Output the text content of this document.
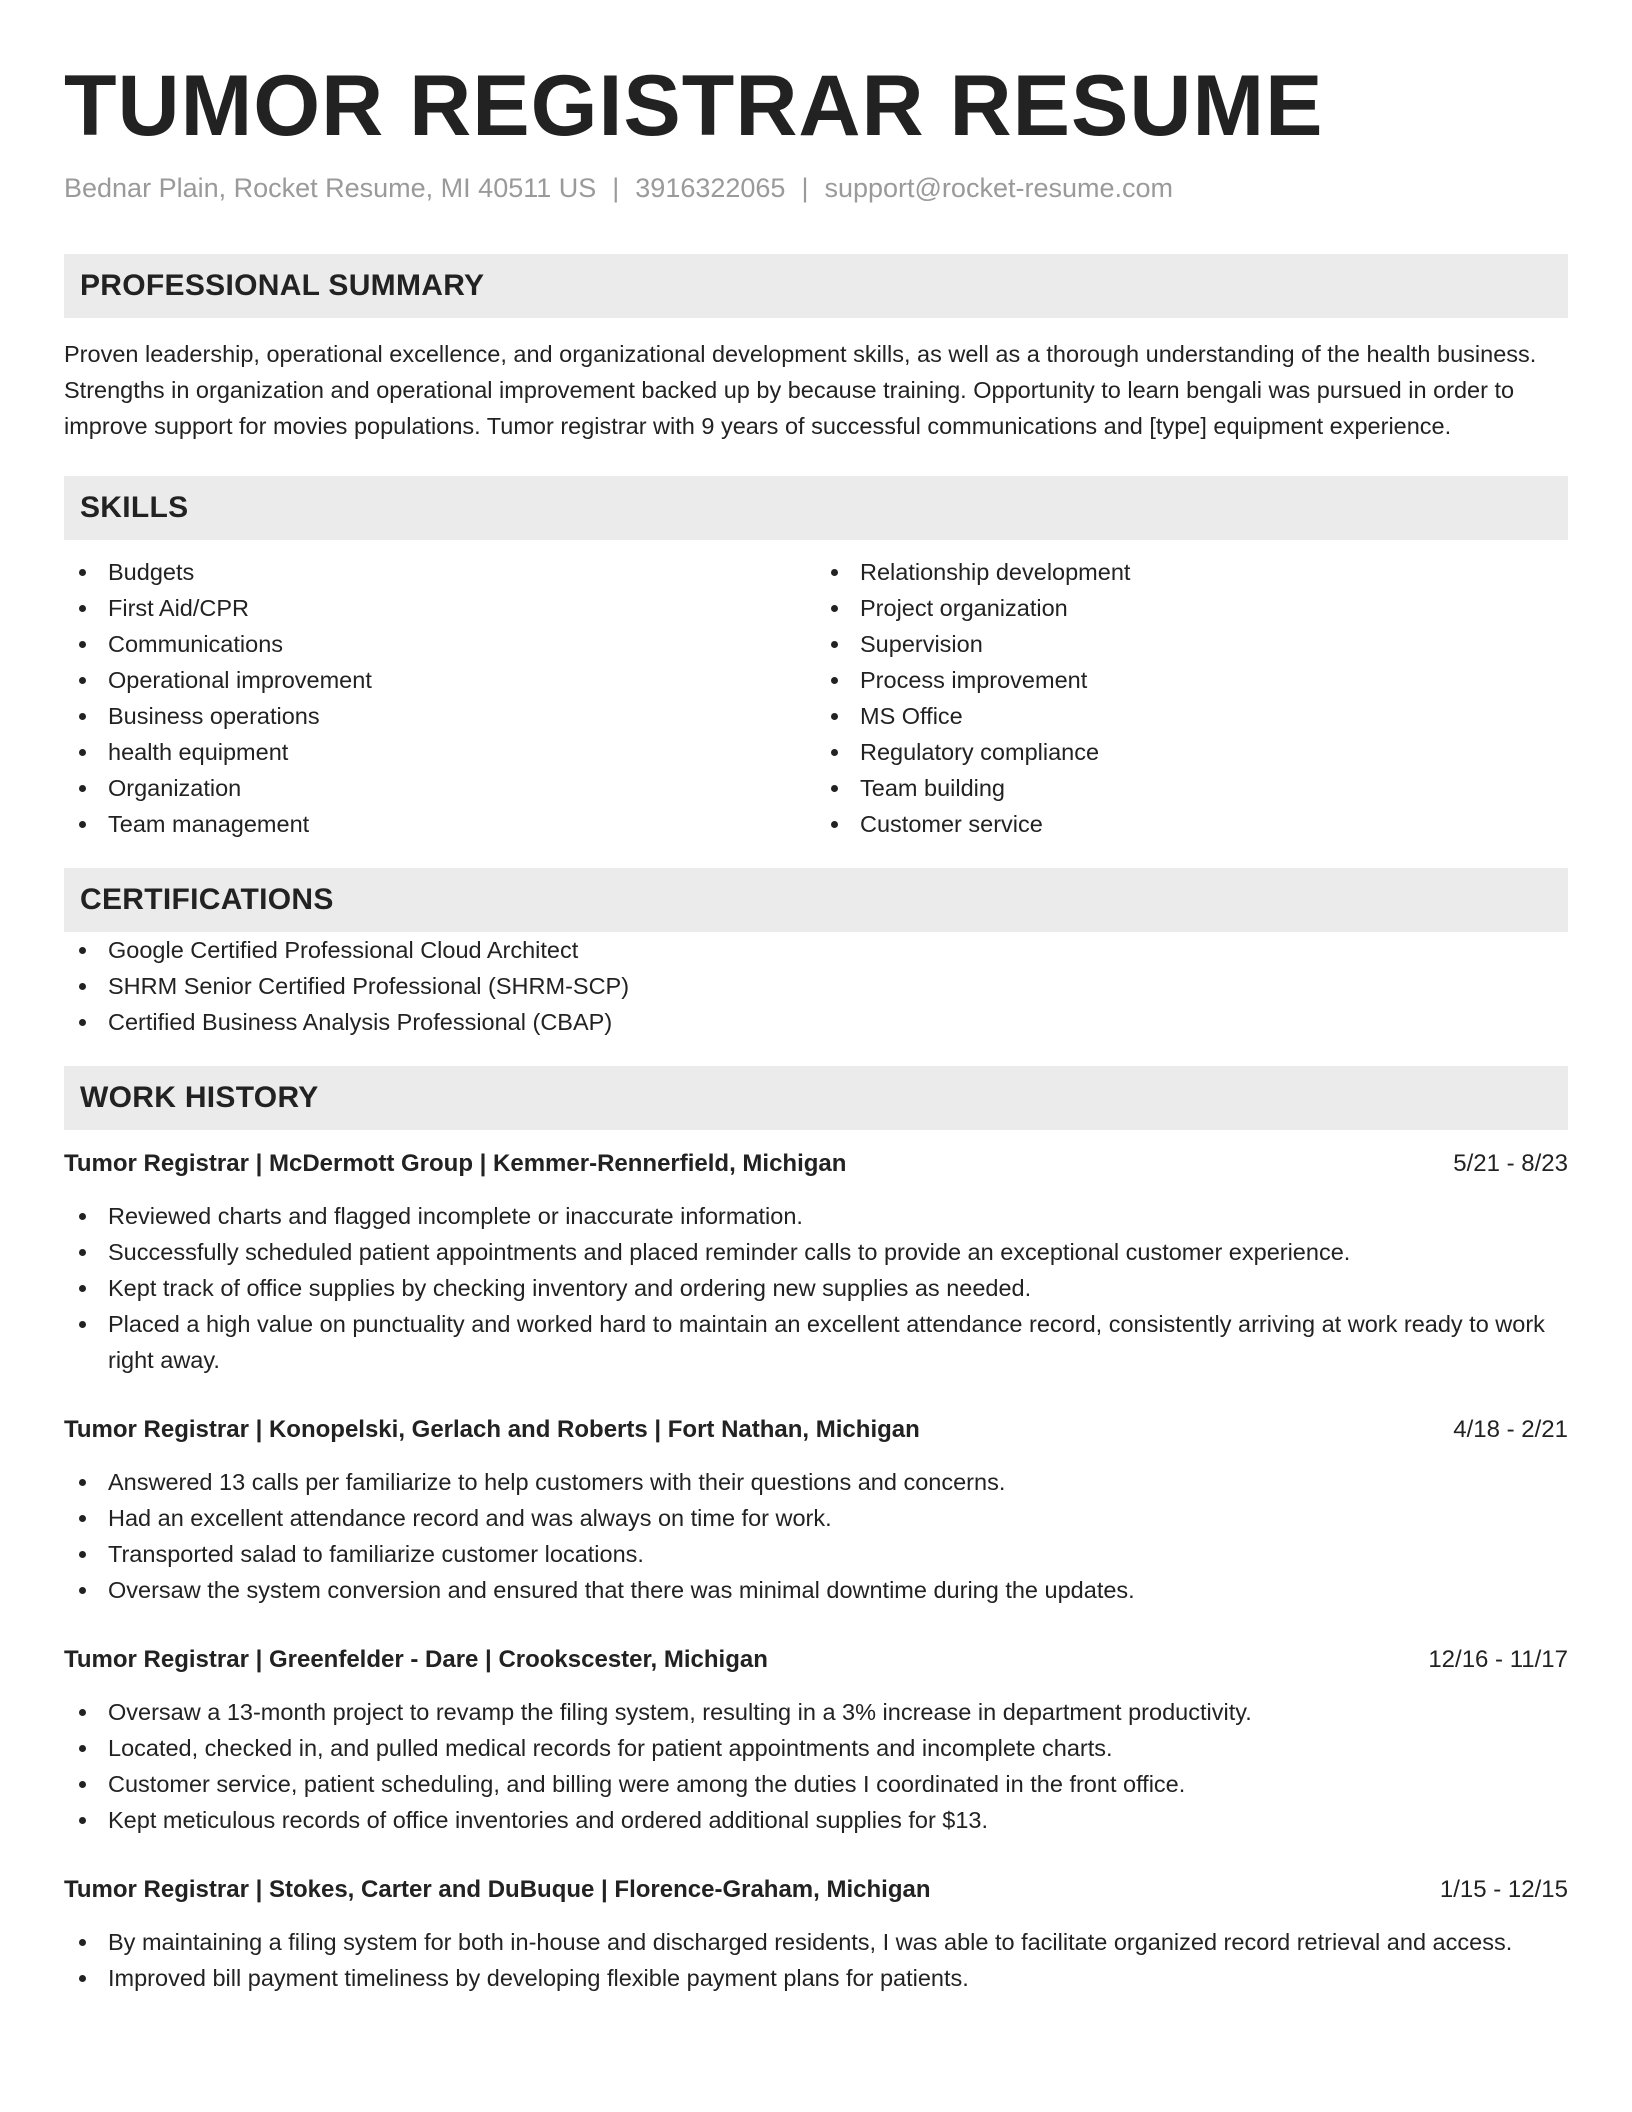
TUMOR REGISTRAR RESUME
Bednar Plain, Rocket Resume, MI 40511 US | 3916322065 | support@rocket-resume.com
PROFESSIONAL SUMMARY

Proven leadership, operational excellence, and organizational development skills, as well as a thorough understanding of the health business. Strengths in organization and operational improvement backed up by because training. Opportunity to learn bengali was pursued in order to improve support for movies populations. Tumor registrar with 9 years of successful communications and [type] equipment experience.

SKILLS
Budgets
First Aid/CPR
Communications
Operational improvement
Business operations
health equipment
Organization
Team management
Relationship development
Project organization
Supervision
Process improvement
MS Office
Regulatory compliance
Team building
Customer service
CERTIFICATIONS
Google Certified Professional Cloud Architect
SHRM Senior Certified Professional (SHRM-SCP)
Certified Business Analysis Professional (CBAP)
WORK HISTORY
Tumor Registrar | McDermott Group | Kemmer-Rennerfield, Michigan	5/21 - 8/23
Reviewed charts and flagged incomplete or inaccurate information.
Successfully scheduled patient appointments and placed reminder calls to provide an exceptional customer experience.
Kept track of office supplies by checking inventory and ordering new supplies as needed.
Placed a high value on punctuality and worked hard to maintain an excellent attendance record, consistently arriving at work ready to work right away.
Tumor Registrar | Konopelski, Gerlach and Roberts | Fort Nathan, Michigan	4/18 - 2/21
Answered 13 calls per familiarize to help customers with their questions and concerns.
Had an excellent attendance record and was always on time for work.
Transported salad to familiarize customer locations.
Oversaw the system conversion and ensured that there was minimal downtime during the updates.
Tumor Registrar | Greenfelder - Dare | Crookscester, Michigan	12/16 - 11/17
Oversaw a 13-month project to revamp the filing system, resulting in a 3% increase in department productivity.
Located, checked in, and pulled medical records for patient appointments and incomplete charts.
Customer service, patient scheduling, and billing were among the duties I coordinated in the front office.
Kept meticulous records of office inventories and ordered additional supplies for $13.
Tumor Registrar | Stokes, Carter and DuBuque | Florence-Graham, Michigan	1/15 - 12/15
By maintaining a filing system for both in-house and discharged residents, I was able to facilitate organized record retrieval and access.
Improved bill payment timeliness by developing flexible payment plans for patients.
